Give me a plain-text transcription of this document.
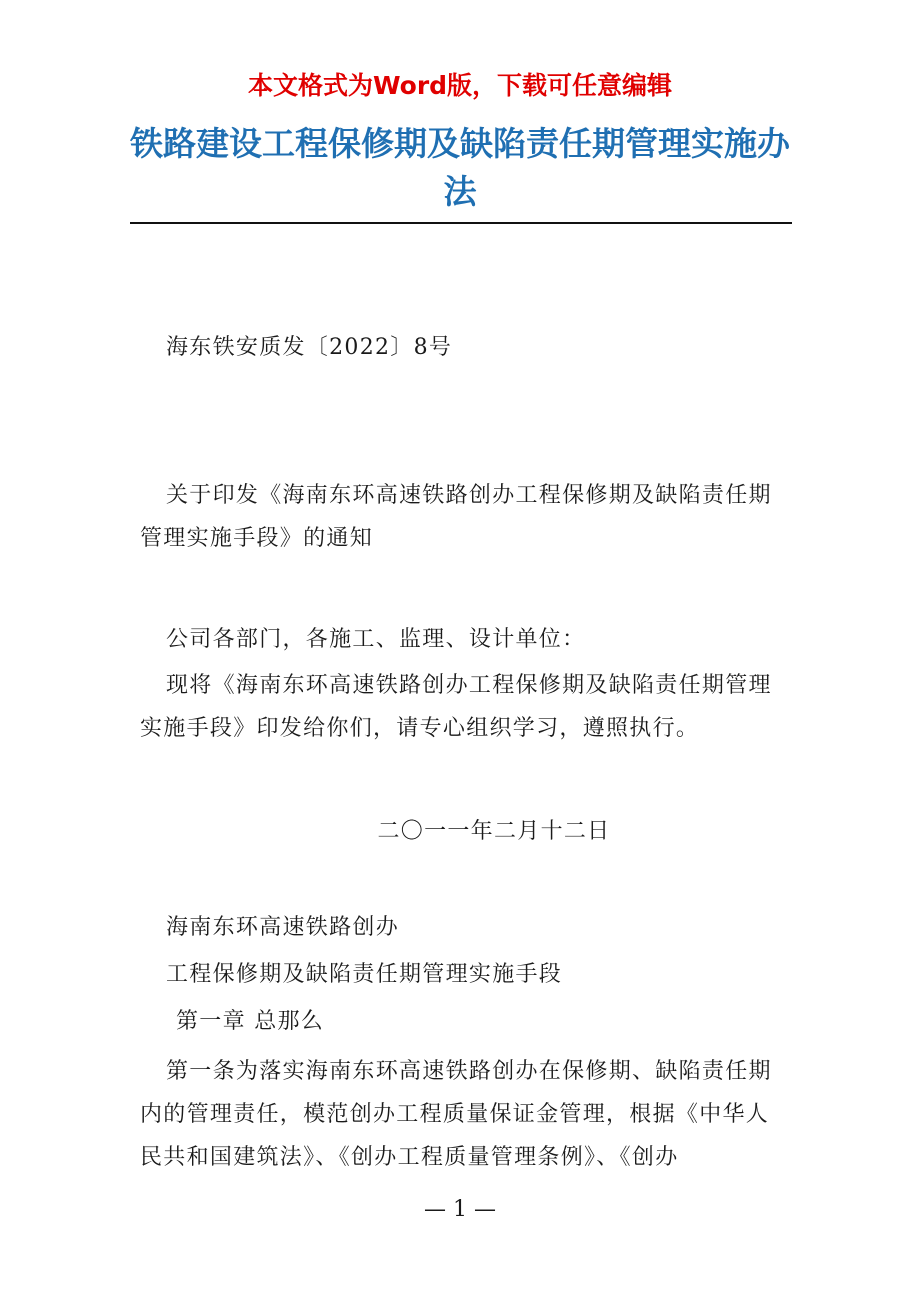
本文格式为Word版，下载可任意编辑
铁路建设工程保修期及缺陷责任期管理实施办法

海东铁安质发〔2022〕8号

关于印发《海南东环高速铁路创办工程保修期及缺陷责任期管理实施手段》的通知

公司各部门，各施工、监理、设计单位：

现将《海南东环高速铁路创办工程保修期及缺陷责任期管理实施手段》印发给你们，请专心组织学习，遵照执行。

二〇一一年二月十二日

海南东环高速铁路创办

工程保修期及缺陷责任期管理实施手段

第一章 总那么

第一条为落实海南东环高速铁路创办在保修期、缺陷责任期内的管理责任，模范创办工程质量保证金管理，根据《中华人民共和国建筑法》、《创办工程质量管理条例》、《创办

— 1 —
